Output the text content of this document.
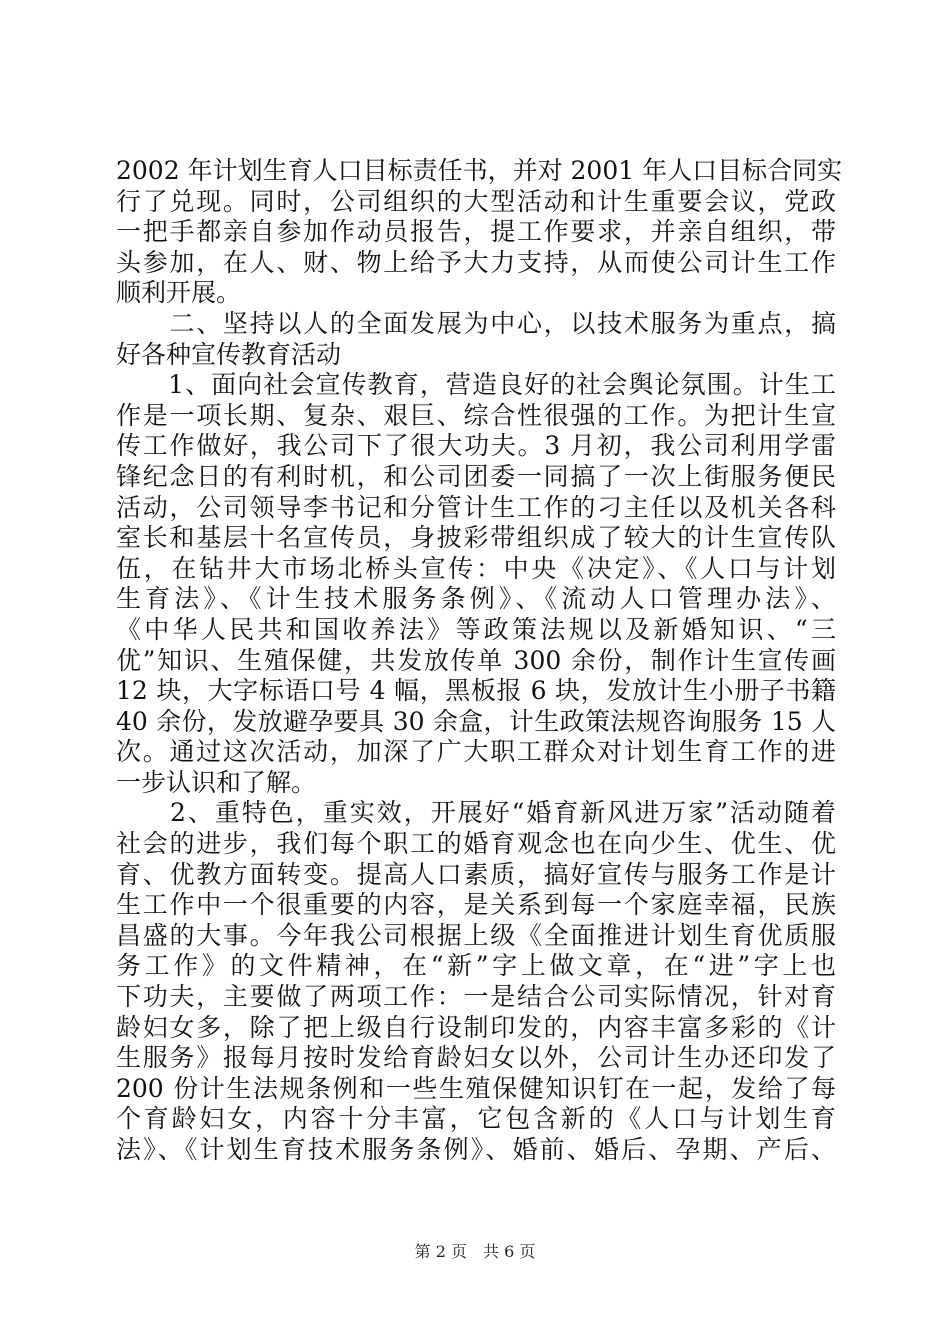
2002 年计划生育人口目标责任书，并对 2001 年人口目标合同实
行了兑现。同时，公司组织的大型活动和计生重要会议，党政
一把手都亲自参加作动员报告，提工作要求，并亲自组织，带
头参加，在人、财、物上给予大力支持，从而使公司计生工作
顺利开展。
　　二、坚持以人的全面发展为中心，以技术服务为重点，搞
好各种宣传教育活动
　　1、面向社会宣传教育，营造良好的社会舆论氛围。计生工
作是一项长期、复杂、艰巨、综合性很强的工作。为把计生宣
传工作做好，我公司下了很大功夫。3 月初，我公司利用学雷
锋纪念日的有利时机，和公司团委一同搞了一次上街服务便民
活动，公司领导李书记和分管计生工作的刁主任以及机关各科
室长和基层十名宣传员，身披彩带组织成了较大的计生宣传队
伍，在钻井大市场北桥头宣传：中央《决定》、《人口与计划
生育法》、《计生技术服务条例》、《流动人口管理办法》、
《中华人民共和国收养法》等政策法规以及新婚知识、“三
优”知识、生殖保健，共发放传单 300 余份，制作计生宣传画
12 块，大字标语口号 4 幅，黑板报 6 块，发放计生小册子书籍
40 余份，发放避孕要具 30 余盒，计生政策法规咨询服务 15 人
次。通过这次活动，加深了广大职工群众对计划生育工作的进
一步认识和了解。
　　2、重特色，重实效，开展好“婚育新风进万家”活动随着
社会的进步，我们每个职工的婚育观念也在向少生、优生、优
育、优教方面转变。提高人口素质，搞好宣传与服务工作是计
生工作中一个很重要的内容，是关系到每一个家庭幸福，民族
昌盛的大事。今年我公司根据上级《全面推进计划生育优质服
务工作》的文件精神，在“新”字上做文章，在“进”字上也
下功夫，主要做了两项工作：一是结合公司实际情况，针对育
龄妇女多，除了把上级自行设制印发的，内容丰富多彩的《计
生服务》报每月按时发给育龄妇女以外，公司计生办还印发了
200 份计生法规条例和一些生殖保健知识钉在一起，发给了每
个育龄妇女，内容十分丰富，它包含新的《人口与计划生育
法》、《计划生育技术服务条例》、婚前、婚后、孕期、产后、
第 2 页　共 6 页
